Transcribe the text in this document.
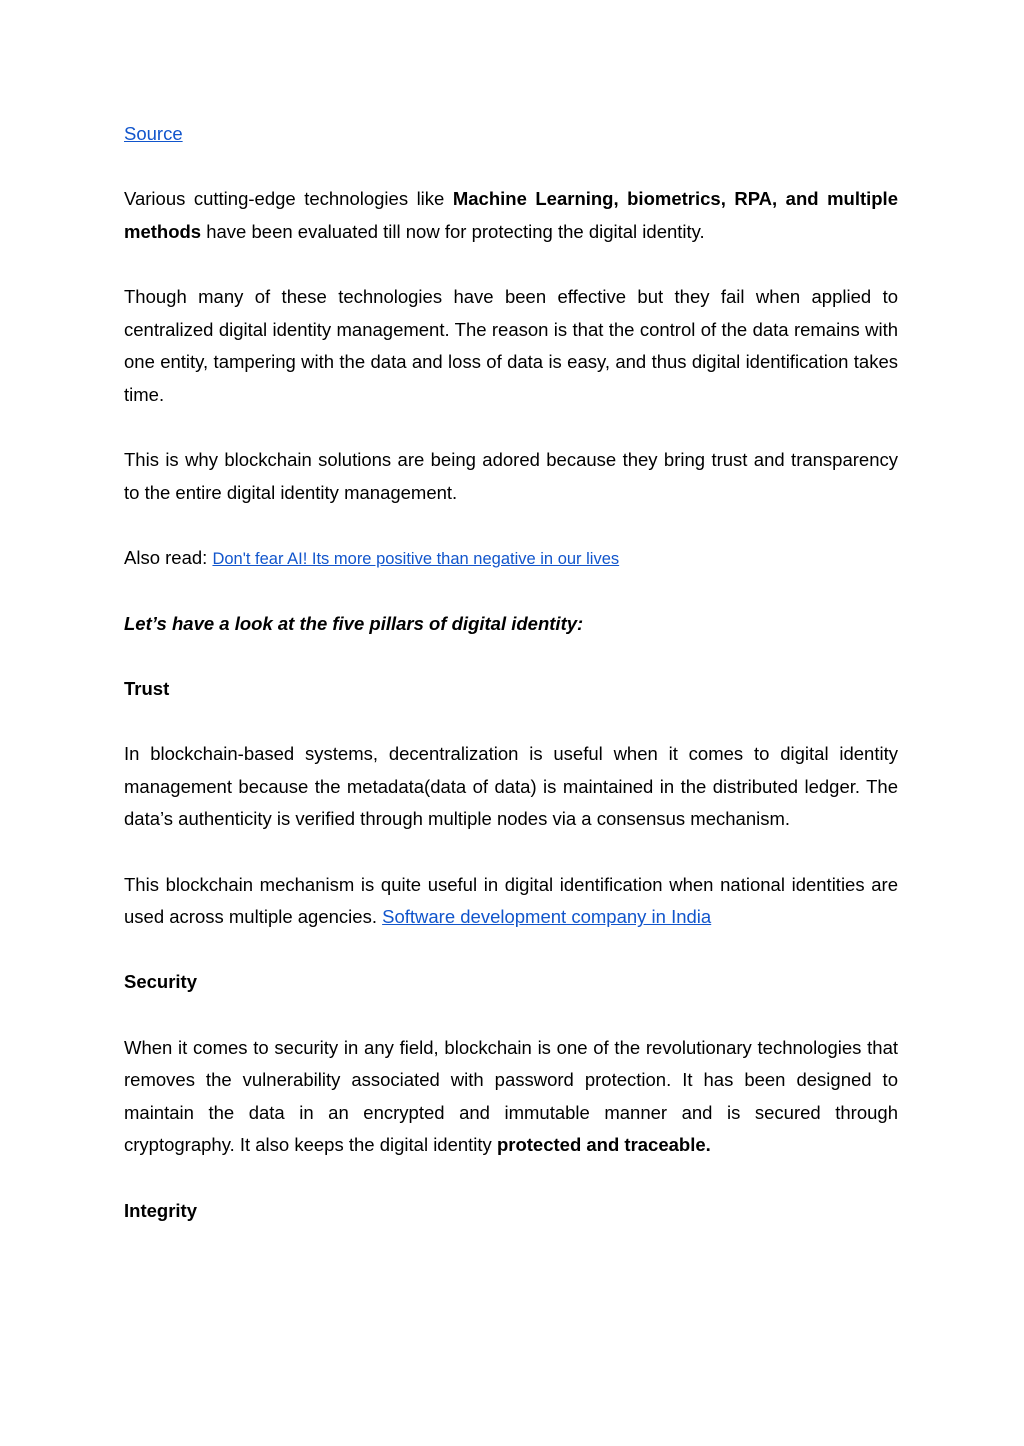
Source

Various cutting-edge technologies like Machine Learning, biometrics, RPA, and multiple methods have been evaluated till now for protecting the digital identity.

Though many of these technologies have been effective but they fail when applied to centralized digital identity management. The reason is that the control of the data remains with one entity, tampering with the data and loss of data is easy, and thus digital identification takes time.

This is why blockchain solutions are being adored because they bring trust and transparency to the entire digital identity management.

Also read: Don't fear AI! Its more positive than negative in our lives

Let’s have a look at the five pillars of digital identity:

Trust

In blockchain-based systems, decentralization is useful when it comes to digital identity management because the metadata(data of data) is maintained in the distributed ledger. The data’s authenticity is verified through multiple nodes via a consensus mechanism.

This blockchain mechanism is quite useful in digital identification when national identities are used across multiple agencies. Software development company in India

Security

When it comes to security in any field, blockchain is one of the revolutionary technologies that removes the vulnerability associated with password protection. It has been designed to maintain the data in an encrypted and immutable manner and is secured through cryptography. It also keeps the digital identity protected and traceable.

Integrity
